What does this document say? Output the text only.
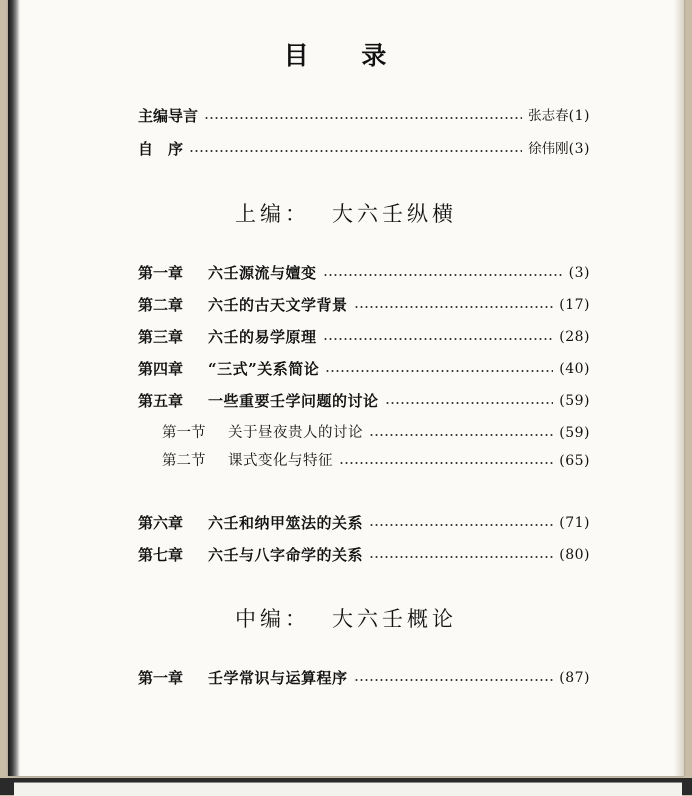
目 录
主编导言	张志春 (1)
自　序	徐伟刚 (3)
上编： 大六壬纵横
第一章 六壬源流与嬗变	(3)
第二章 六壬的古天文学背景	(17)
第三章 六壬的易学原理	(28)
第四章 “三式”关系简论	(40)
第五章 一些重要壬学问题的讨论	(59)
第一节 关于昼夜贵人的讨论	(59)
第二节 课式变化与特征	(65)
第六章 六壬和纳甲筮法的关系	(71)
第七章 六壬与八字命学的关系	(80)
中编： 大六壬概论
第一章 壬学常识与运算程序	(87)
